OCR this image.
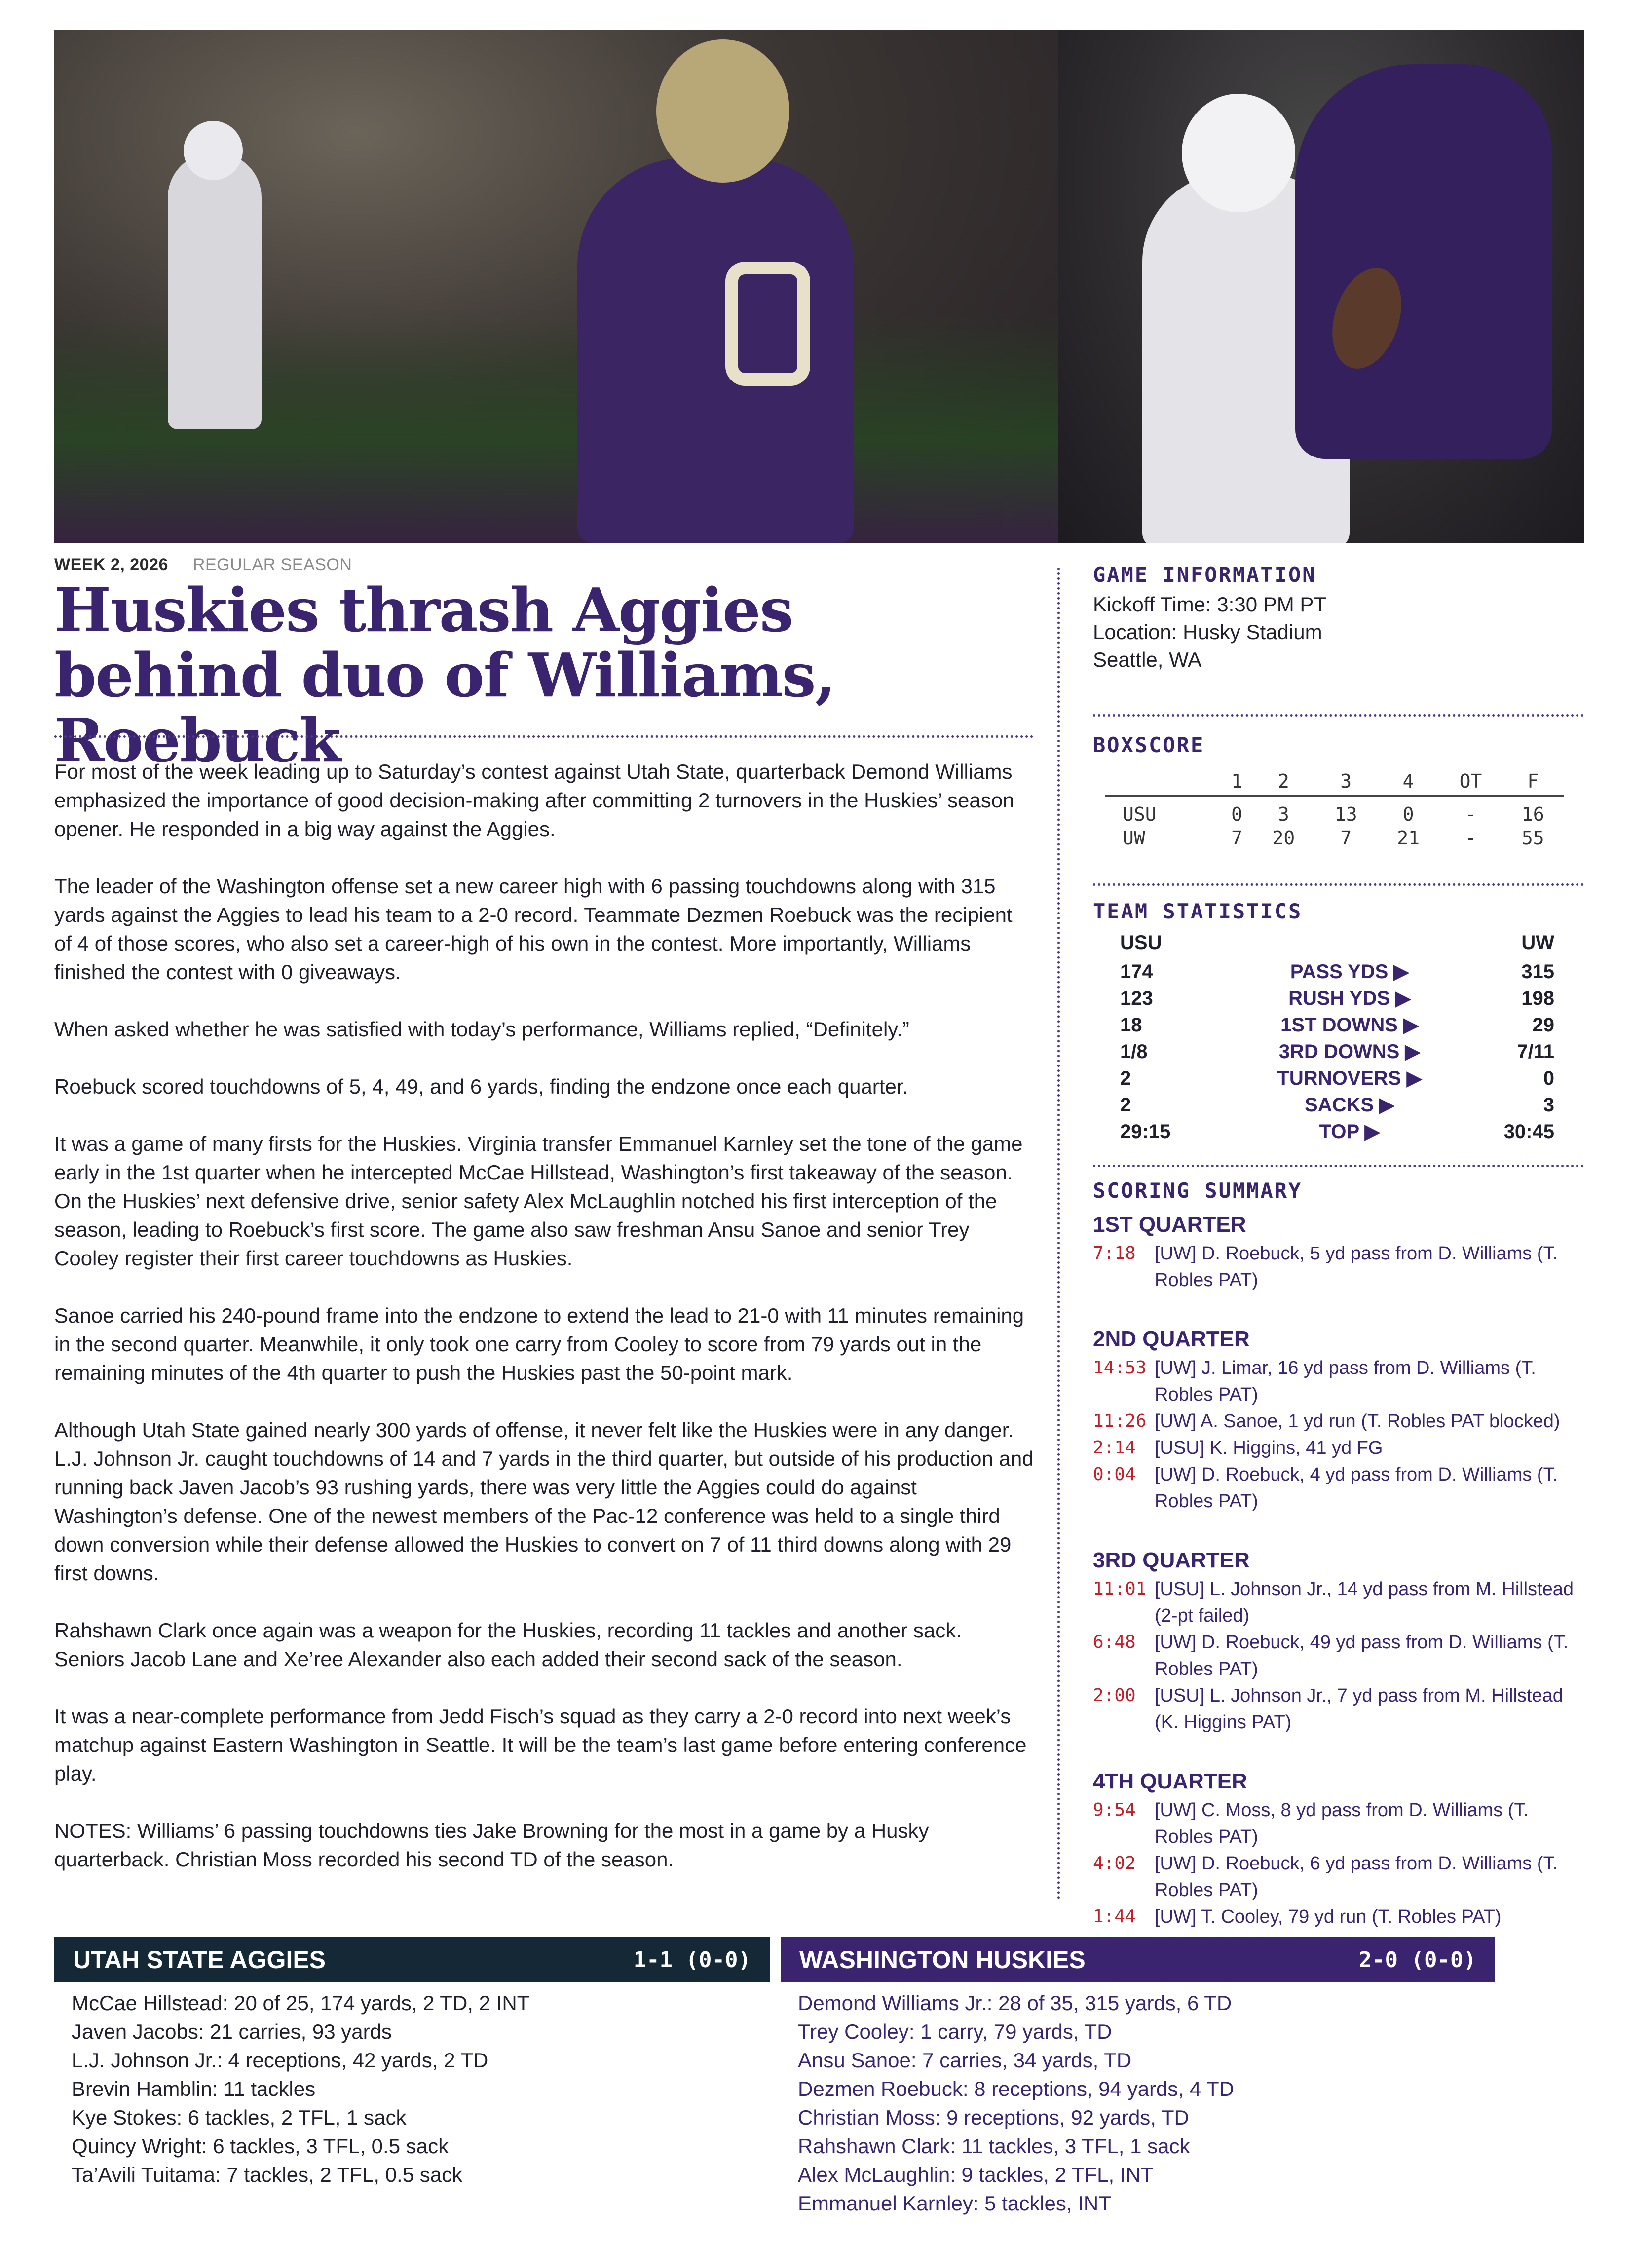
WEEK 2, 2026 REGULAR SEASON
Huskies thrash Aggies
behind duo of Williams, Roebuck

For most of the week leading up to Saturday’s contest against Utah State, quarterback Demond Williams emphasized the importance of good decision-making after committing 2 turnovers in the Huskies’ season opener. He responded in a big way against the Aggies.

The leader of the Washington offense set a new career high with 6 passing touchdowns along with 315 yards against the Aggies to lead his team to a 2-0 record. Teammate Dezmen Roebuck was the recipient of 4 of those scores, who also set a career-high of his own in the contest. More importantly, Williams finished the contest with 0 giveaways.

When asked whether he was satisfied with today’s performance, Williams replied, “Definitely.”

Roebuck scored touchdowns of 5, 4, 49, and 6 yards, finding the endzone once each quarter.

It was a game of many firsts for the Huskies. Virginia transfer Emmanuel Karnley set the tone of the game early in the 1st quarter when he intercepted McCae Hillstead, Washington’s first takeaway of the season. On the Huskies’ next defensive drive, senior safety Alex McLaughlin notched his first interception of the season, leading to Roebuck’s first score. The game also saw freshman Ansu Sanoe and senior Trey Cooley register their first career touchdowns as Huskies.

Sanoe carried his 240-pound frame into the endzone to extend the lead to 21-0 with 11 minutes remaining in the second quarter. Meanwhile, it only took one carry from Cooley to score from 79 yards out in the remaining minutes of the 4th quarter to push the Huskies past the 50-point mark.

Although Utah State gained nearly 300 yards of offense, it never felt like the Huskies were in any danger. L.J. Johnson Jr. caught touchdowns of 14 and 7 yards in the third quarter, but outside of his production and running back Javen Jacob’s 93 rushing yards, there was very little the Aggies could do against Washington’s defense. One of the newest members of the Pac-12 conference was held to a single third down conversion while their defense allowed the Huskies to convert on 7 of 11 third downs along with 29 first downs.

Rahshawn Clark once again was a weapon for the Huskies, recording 11 tackles and another sack. Seniors Jacob Lane and Xe’ree Alexander also each added their second sack of the season.

It was a near-complete performance from Jedd Fisch’s squad as they carry a 2-0 record into next week’s matchup against Eastern Washington in Seattle. It will be the team’s last game before entering conference play.

NOTES: Williams’ 6 passing touchdowns ties Jake Browning for the most in a game by a Husky quarterback. Christian Moss recorded his second TD of the season.

GAME INFORMATION
Kickoff Time: 3:30 PM PT
Location: Husky Stadium
Seattle, WA
BOXSCORE
	1	2	3	4	OT	F
USU	0	3	13	0	-	16
UW	7	20	7	21	-	55
TEAM STATISTICS
USU	UW
174	PASS YDS ▶	315
123	RUSH YDS ▶	198
18	1ST DOWNS ▶	29
1/8	3RD DOWNS ▶	7/11
2	TURNOVERS ▶	0
2	SACKS ▶	3
29:15	TOP ▶	30:45
SCORING SUMMARY
1ST QUARTER
7:18	[UW] D. Roebuck, 5 yd pass from D. Williams (T. Robles PAT)
2ND QUARTER
14:53 [UW] J. Limar, 16 yd pass from D. Williams (T. Robles PAT)
11:26 [UW] A. Sanoe, 1 yd run (T. Robles PAT blocked)
2:14	[USU] K. Higgins, 41 yd FG
0:04	[UW] D. Roebuck, 4 yd pass from D. Williams (T. Robles PAT)
3RD QUARTER
11:01 [USU] L. Johnson Jr., 14 yd pass from M. Hillstead (2-pt failed)
6:48	[UW] D. Roebuck, 49 yd pass from D. Williams (T. Robles PAT)
2:00	[USU] L. Johnson Jr., 7 yd pass from M. Hillstead (K. Higgins PAT)
4TH QUARTER
9:54	[UW] C. Moss, 8 yd pass from D. Williams (T. Robles PAT)
4:02	[UW] D. Roebuck, 6 yd pass from D. Williams (T. Robles PAT)
1:44	[UW] T. Cooley, 79 yd run (T. Robles PAT)
UTAH STATE AGGIES	1-1 (0-0) WASHINGTON HUSKIES	2-0 (0-0)
McCae Hillstead: 20 of 25, 174 yards, 2 TD, 2 INT
Javen Jacobs: 21 carries, 93 yards
L.J. Johnson Jr.: 4 receptions, 42 yards, 2 TD
Brevin Hamblin: 11 tackles
Kye Stokes: 6 tackles, 2 TFL, 1 sack
Quincy Wright: 6 tackles, 3 TFL, 0.5 sack
Ta’Avili Tuitama: 7 tackles, 2 TFL, 0.5 sack
Demond Williams Jr.: 28 of 35, 315 yards, 6 TD
Trey Cooley: 1 carry, 79 yards, TD
Ansu Sanoe: 7 carries, 34 yards, TD
Dezmen Roebuck: 8 receptions, 94 yards, 4 TD
Christian Moss: 9 receptions, 92 yards, TD
Rahshawn Clark: 11 tackles, 3 TFL, 1 sack
Alex McLaughlin: 9 tackles, 2 TFL, INT
Emmanuel Karnley: 5 tackles, INT
